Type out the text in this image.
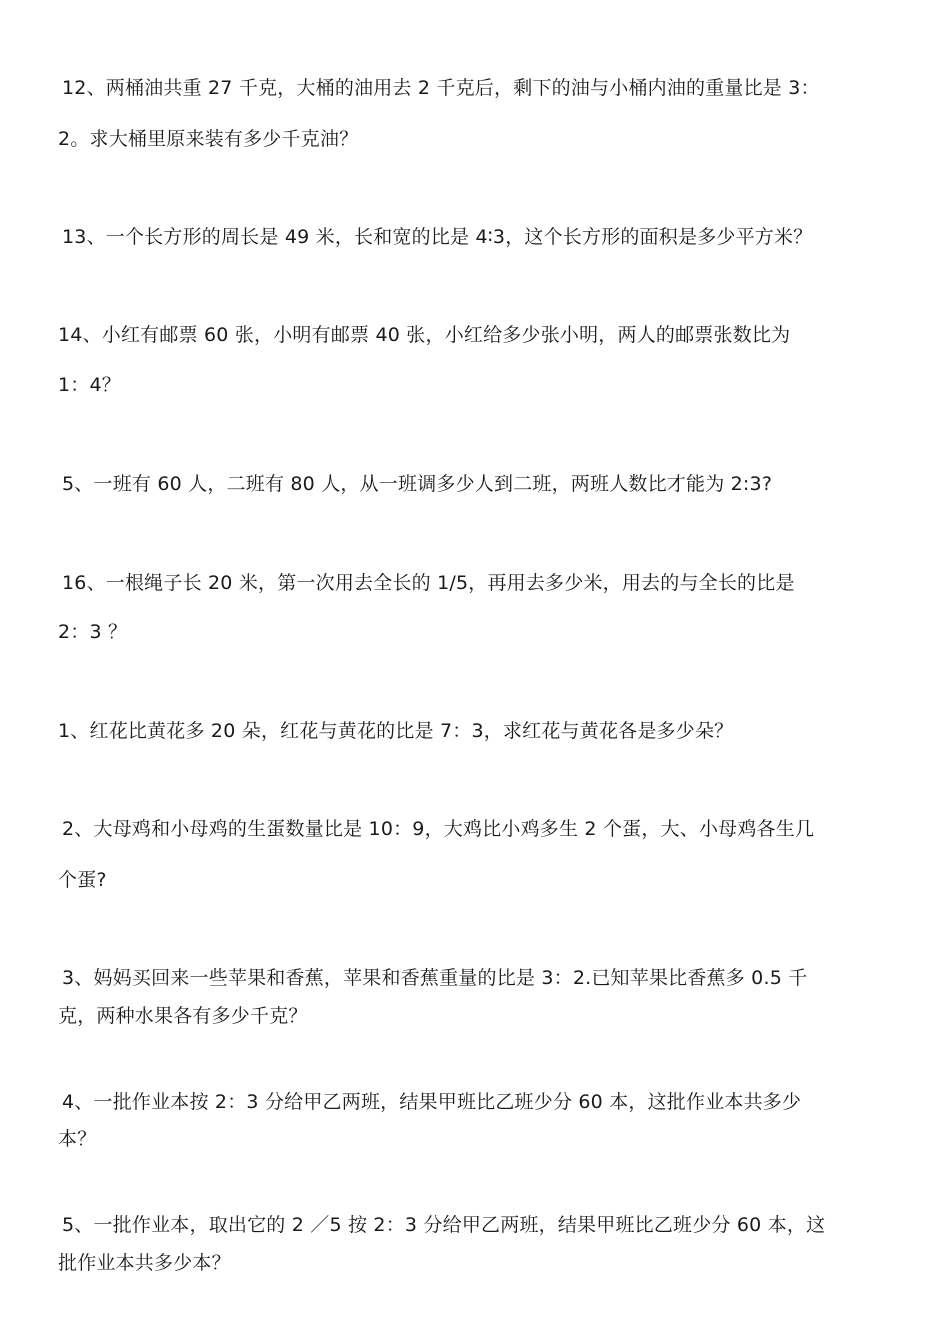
12、两桶油共重 27 千克，大桶的油用去 2 千克后，剩下的油与小桶内油的重量比是 3：
2。求大桶里原来装有多少千克油？
13、一个长方形的周长是 49 米，长和宽的比是 4∶3，这个长方形的面积是多少平方米？
14、小红有邮票 60 张，小明有邮票 40 张，小红给多少张小明，两人的邮票张数比为
1：4？
5、一班有 60 人，二班有 80 人，从一班调多少人到二班，两班人数比才能为 2:3?
16、一根绳子长 20 米，第一次用去全长的 1/5，再用去多少米，用去的与全长的比是
2：3 ？
1、红花比黄花多 20 朵，红花与黄花的比是 7：3，求红花与黄花各是多少朵？
2、大母鸡和小母鸡的生蛋数量比是 10：9，大鸡比小鸡多生 2 个蛋，大、小母鸡各生几
个蛋?
3、妈妈买回来一些苹果和香蕉，苹果和香蕉重量的比是 3：2.已知苹果比香蕉多 0.5 千
克，两种水果各有多少千克？
4、一批作业本按 2：3 分给甲乙两班，结果甲班比乙班少分 60 本，这批作业本共多少
本？
5、一批作业本，取出它的 2 ／5 按 2：3 分给甲乙两班，结果甲班比乙班少分 60 本，这
批作业本共多少本？
